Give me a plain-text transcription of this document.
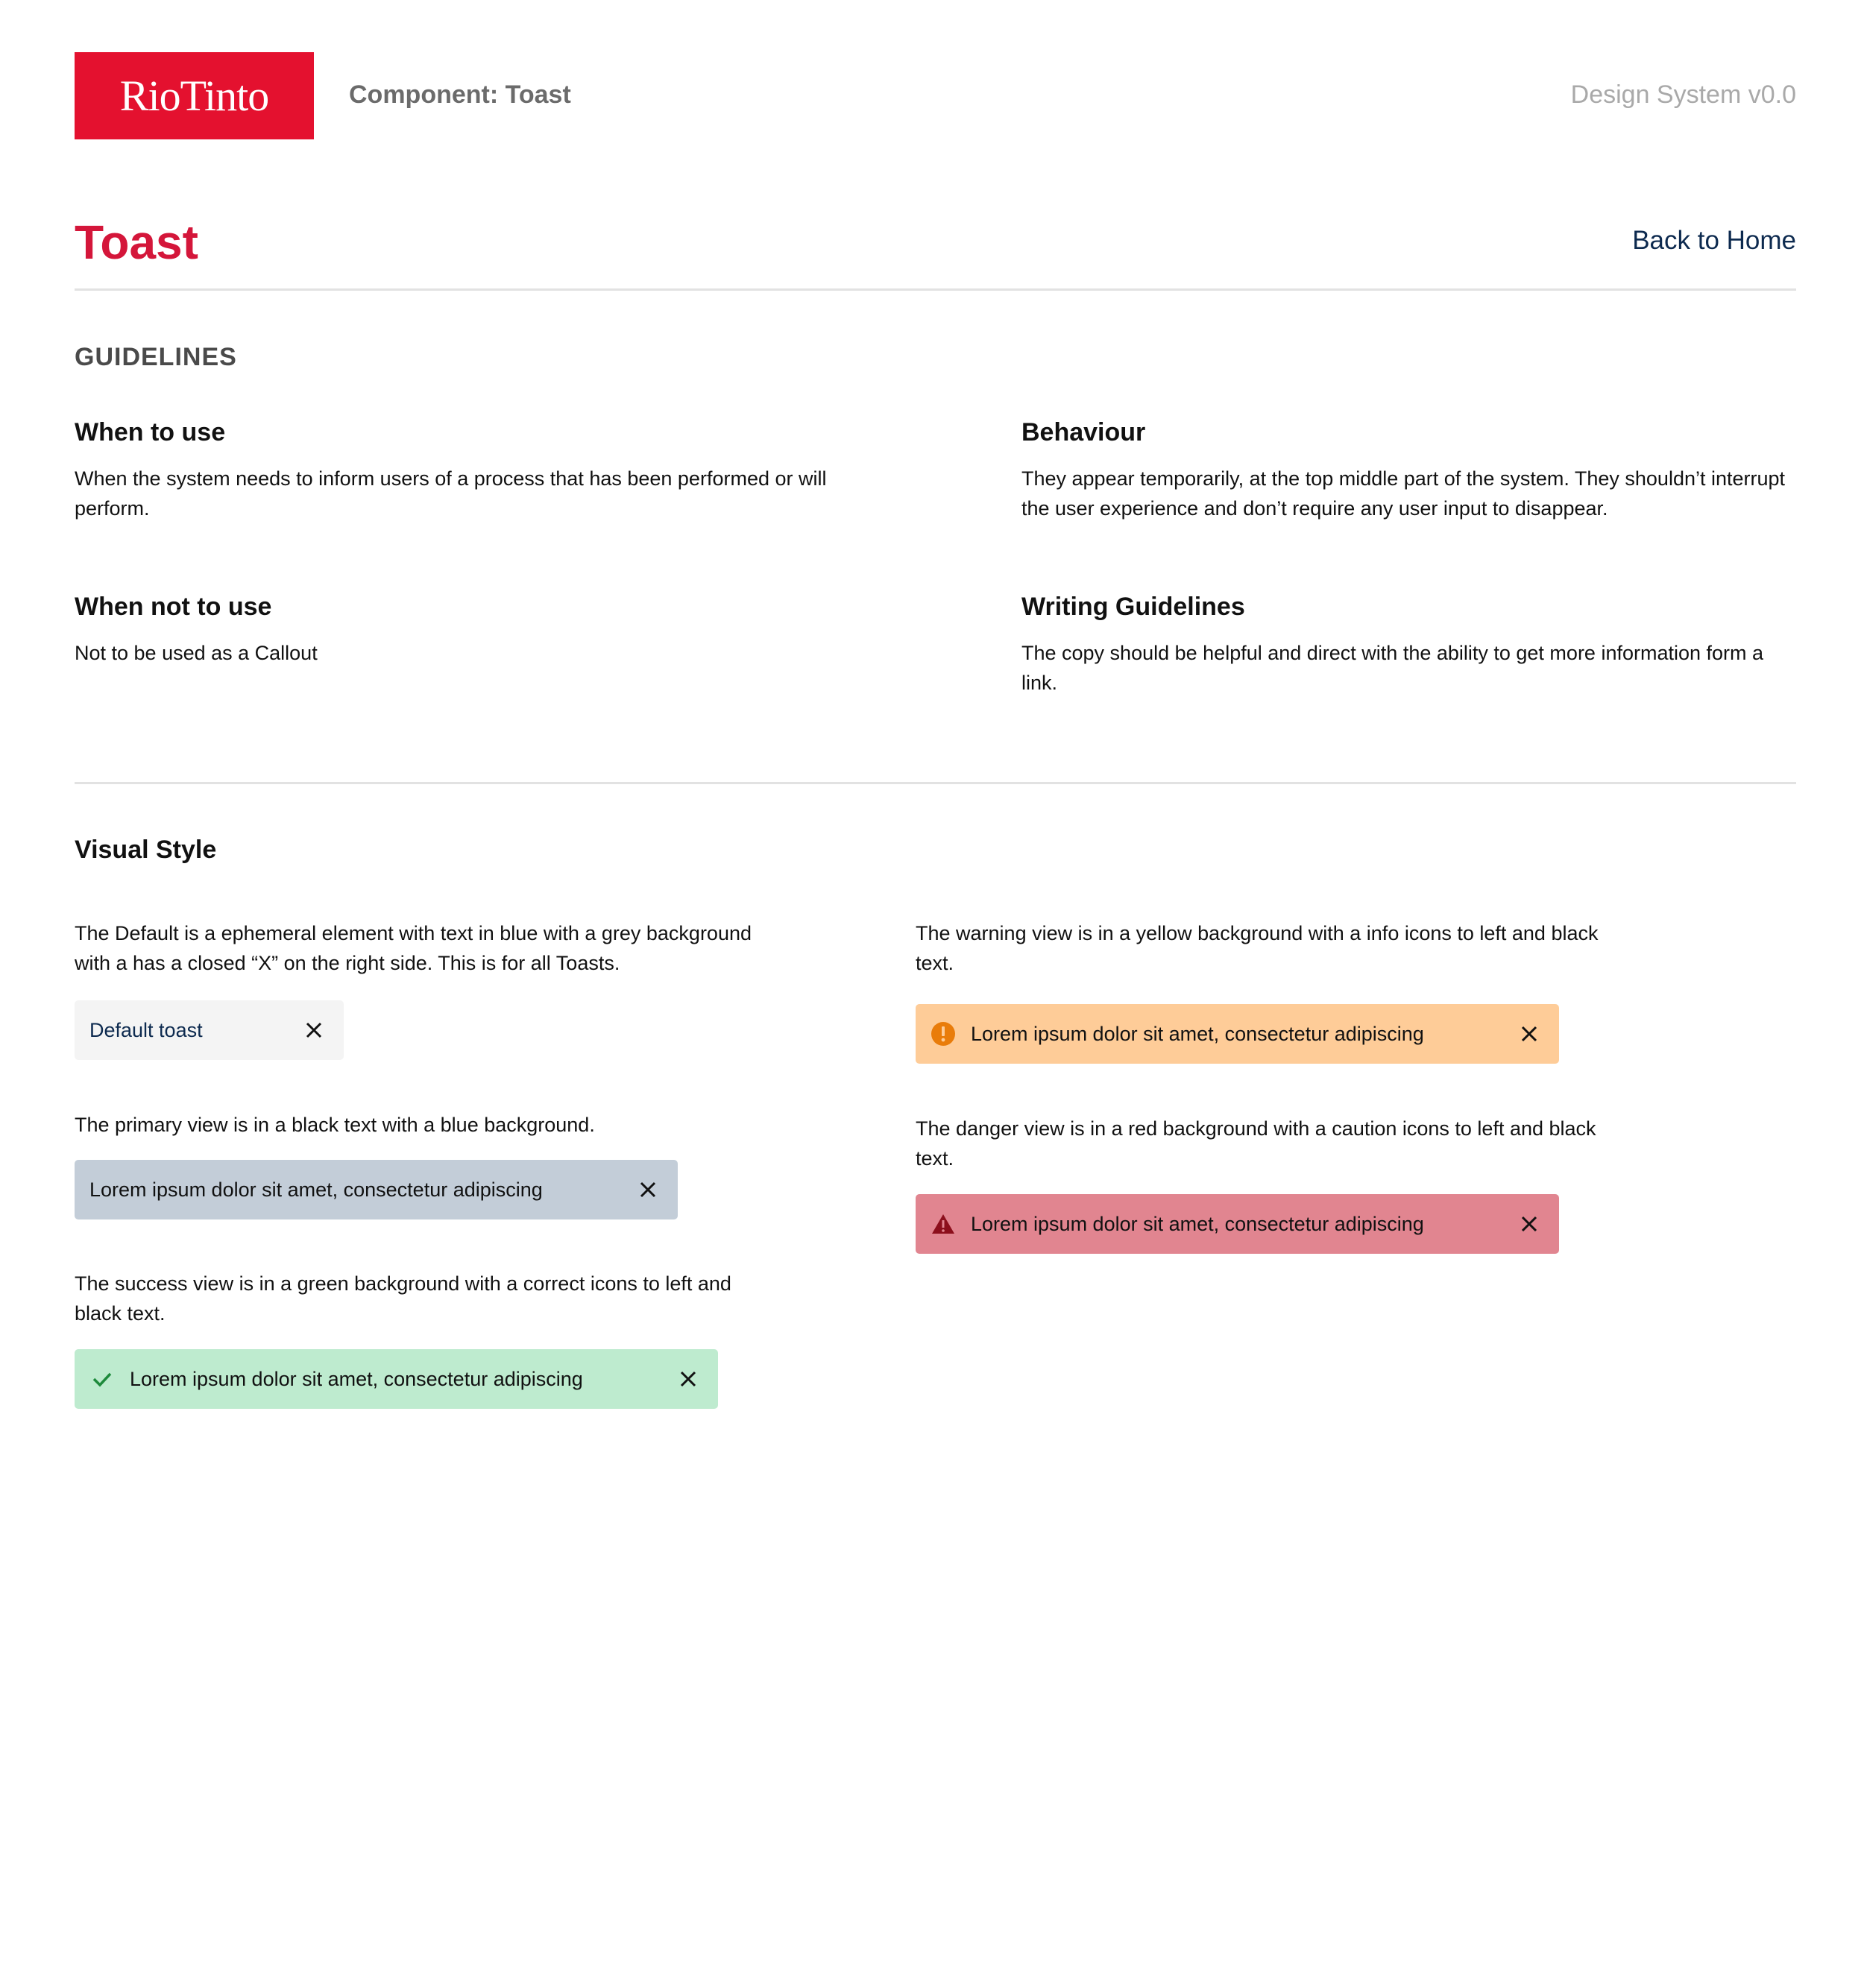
RioTinto	Component: Toast	Design System v0.0
Toast	Back to Home
GUIDELINES
When to use

When the system needs to inform users of a process that has been performed or will perform.

Behaviour

They appear temporarily, at the top middle part of the system. They shouldn’t interrupt the user experience and don’t require any user input to disappear.

When not to use

Not to be used as a Callout

Writing Guidelines

The copy should be helpful and direct with the ability to get more information form a link.

Visual Style

The Default is a ephemeral element with text in blue with a grey background with a has a closed “X” on the right side. This is for all Toasts.

Default toast

The primary view is in a black text with a blue background.

Lorem ipsum dolor sit amet, consectetur adipiscing

The success view is in a green background with a correct icons to left and black text.

Lorem ipsum dolor sit amet, consectetur adipiscing

The warning view is in a yellow background with a info icons to left and black text.

Lorem ipsum dolor sit amet, consectetur adipiscing

The danger view is in a red background with a caution icons to left and black text.

Lorem ipsum dolor sit amet, consectetur adipiscing
